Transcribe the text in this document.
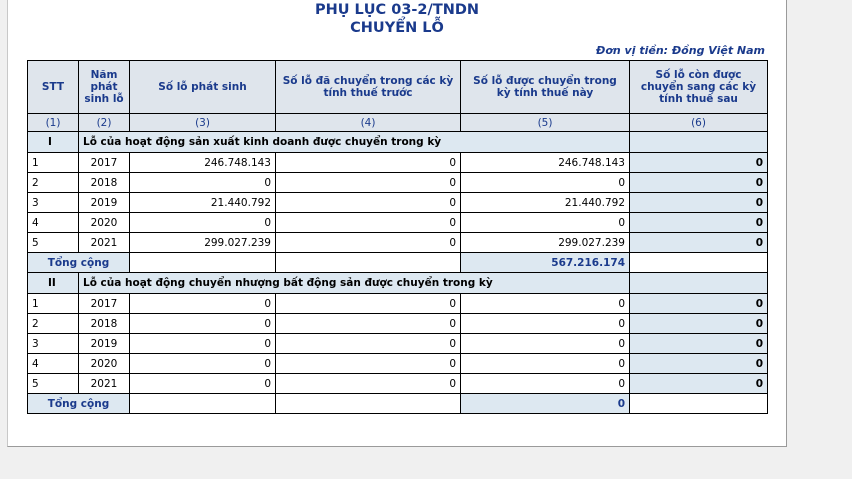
PHỤ LỤC 03-2/TNDN
CHUYỂN LỖ
Đơn vị tiền: Đồng Việt Nam
STT	Năm phát sinh lỗ	Số lỗ phát sinh	Số lỗ đã chuyển trong các kỳ tính thuế trước	Số lỗ được chuyển trong kỳ tính thuế này	Số lỗ còn được chuyển sang các kỳ tính thuế sau
(1)	(2)	(3)	(4)	(5)	(6)
I	Lỗ của hoạt động sản xuất kinh doanh được chuyển trong kỳ				
1	2017	246.748.143	0	246.748.143	0
2	2018	0	0	0	0
3	2019	21.440.792	0	21.440.792	0
4	2020	0	0	0	0
5	2021	299.027.239	0	299.027.239	0
Tổng cộng				567.216.174	
II	Lỗ của hoạt động chuyển nhượng bất động sản được chuyển trong kỳ				
1	2017	0	0	0	0
2	2018	0	0	0	0
3	2019	0	0	0	0
4	2020	0	0	0	0
5	2021	0	0	0	0
Tổng cộng				0	
